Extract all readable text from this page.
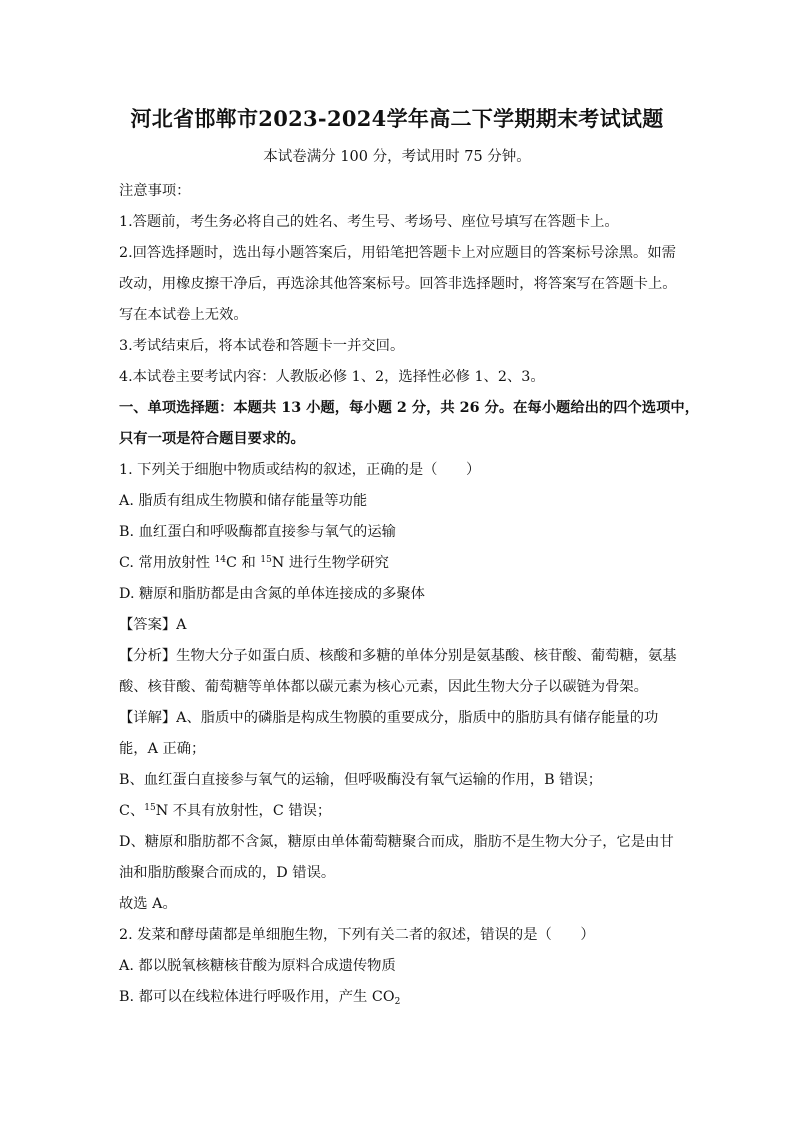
河北省邯郸市2023-2024学年高二下学期期末考试试题
本试卷满分 100 分，考试用时 75 分钟。
注意事项：
1.答题前，考生务必将自己的姓名、考生号、考场号、座位号填写在答题卡上。
2.回答选择题时，选出每小题答案后，用铅笔把答题卡上对应题目的答案标号涂黑。如需
改动，用橡皮擦干净后，再选涂其他答案标号。回答非选择题时，将答案写在答题卡上。
写在本试卷上无效。
3.考试结束后，将本试卷和答题卡一并交回。
4.本试卷主要考试内容：人教版必修 1、2，选择性必修 1、2、3。
一、单项选择题：本题共 13 小题，每小题 2 分，共 26 分。在每小题给出的四个选项中，
只有一项是符合题目要求的。
1. 下列关于细胞中物质或结构的叙述，正确的是（　　）
A. 脂质有组成生物膜和储存能量等功能
B. 血红蛋白和呼吸酶都直接参与氧气的运输
C. 常用放射性 $^{14}$C 和 $^{15}$N 进行生物学研究
D. 糖原和脂肪都是由含氮的单体连接成的多聚体
【答案】A
【分析】生物大分子如蛋白质、核酸和多糖的单体分别是氨基酸、核苷酸、葡萄糖，氨基
酸、核苷酸、葡萄糖等单体都以碳元素为核心元素，因此生物大分子以碳链为骨架。
【详解】A、脂质中的磷脂是构成生物膜的重要成分，脂质中的脂肪具有储存能量的功
能，A 正确；
B、血红蛋白直接参与氧气的运输，但呼吸酶没有氧气运输的作用，B 错误；
C、$^{15}$N 不具有放射性，C 错误；
D、糖原和脂肪都不含氮，糖原由单体葡萄糖聚合而成，脂肪不是生物大分子，它是由甘
油和脂肪酸聚合而成的，D 错误。
故选 A。
2. 发菜和酵母菌都是单细胞生物，下列有关二者的叙述，错误的是（　　）
A. 都以脱氧核糖核苷酸为原料合成遗传物质
B. 都可以在线粒体进行呼吸作用，产生 $CO_2$
